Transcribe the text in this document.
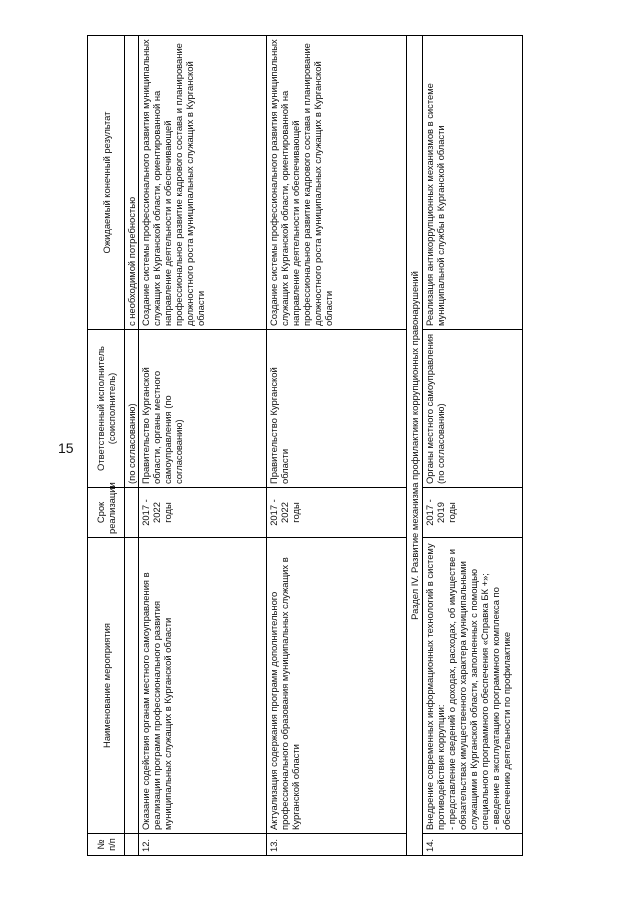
15
№ п/п	Наименование мероприятия	Срок реализации	Ответственный исполнитель (соисполнитель)	Ожидаемый конечный результат
			(по согласованию)	с необходимой потребностью
12.	Оказание содействия органам местного самоуправления в реализации программ профессионального развития муниципальных служащих в Курганской области	2017 - 2022 годы	Правительство Курганской области, органы местного самоуправления (по согласованию)	Создание системы профессионального развития муниципальных служащих в Курганской области, ориентированной на направление деятельности и обеспечивающей профессиональное развитие кадрового состава и планирование должностного роста муниципальных служащих в Курганской области
13.	Актуализация содержания программ дополнительного профессионального образования муниципальных служащих в Курганской области	2017 - 2022 годы	Правительство Курганской области	Создание системы профессионального развития муниципальных служащих в Курганской области, ориентированной на направление деятельности и обеспечивающей профессиональное развитие кадрового состава и планирование должностного роста муниципальных служащих в Курганской области
Раздел IV. Развитие механизма профилактики коррупционных правонарушений				
14.	Внедрение современных информационных технологий в систему противодействия коррупции: - представление сведений о доходах, расходах, об имуществе и обязательствах имущественного характера муниципальными служащими в Курганской области, заполненных с помощью специального программного обеспечения «Справка БК +»; - введение в эксплуатацию программного комплекса по обеспечению деятельности по профилактике	2017 - 2019 годы	Органы местного самоуправления (по согласованию)	Реализация антикоррупционных механизмов в системе муниципальной службы в Курганской области
